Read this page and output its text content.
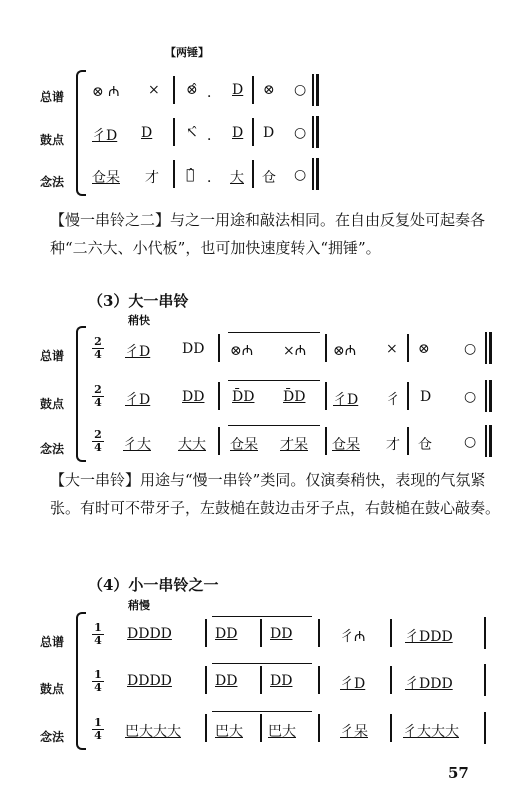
【两锤】
总谱 ⊗ ₼ × ⊗̂ ． D ⊗ ○
鼓点 彳D D ↖̂ ． D D ○
念法 仓呆 才 仓̂ ． 大 仓 ○
【慢一串铃之二】与之一用途和敲法相同。在自由反复处可起奏各种“二六大、小代板”，也可加快速度转入“拥锤”。
（3）大一串铃
稍快
总谱
2
4 彳D DD ⊗₼ ×₼ ⊗₼ × ⊗ ○
鼓点
2
4 彳D DD D̄D D̄D 彳D 彳 D ○
念法
2
4 彳大 大大 仓呆 才呆 仓呆 才 仓 ○
【大一串铃】用途与“慢一串铃”类同。仅演奏稍快，表现的气氛紧张。有时可不带牙子，左鼓槌在鼓边击牙子点，右鼓槌在鼓心敲奏。
（4）小一串铃之一
稍慢
总谱
1
4 DDDD	DD DD	彳₼	彳DDD
鼓点
1
4 DDDD	DD DD	彳D	彳DDD
念法
1
4 巴大大大 巴大 巴大	彳呆	彳大大大
57
